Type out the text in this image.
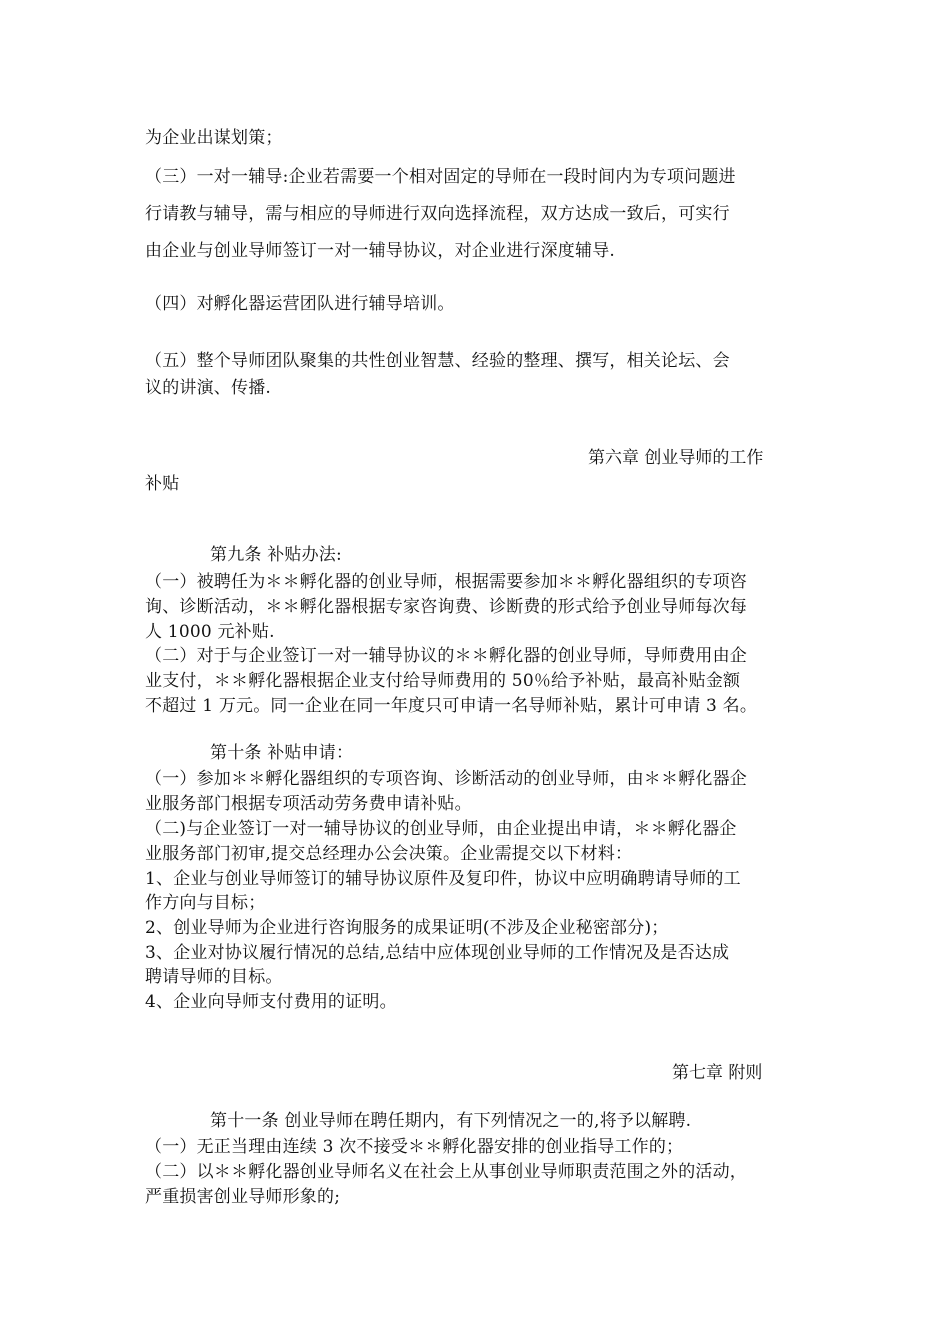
为企业出谋划策；
（三）一对一辅导:企业若需要一个相对固定的导师在一段时间内为专项问题进
行请教与辅导，需与相应的导师进行双向选择流程，双方达成一致后，可实行
由企业与创业导师签订一对一辅导协议，对企业进行深度辅导.
（四）对孵化器运营团队进行辅导培训。
（五）整个导师团队聚集的共性创业智慧、经验的整理、撰写，相关论坛、会
议的讲演、传播.
第六章 创业导师的工作
补贴
第九条 补贴办法:
（一）被聘任为＊＊孵化器的创业导师，根据需要参加＊＊孵化器组织的专项咨
询、诊断活动，＊＊孵化器根据专家咨询费、诊断费的形式给予创业导师每次每
人 1000 元补贴.
（二）对于与企业签订一对一辅导协议的＊＊孵化器的创业导师，导师费用由企
业支付，＊＊孵化器根据企业支付给导师费用的 50％给予补贴，最高补贴金额
不超过 1 万元。同一企业在同一年度只可申请一名导师补贴，累计可申请 3 名。
第十条 补贴申请：
（一）参加＊＊孵化器组织的专项咨询、诊断活动的创业导师，由＊＊孵化器企
业服务部门根据专项活动劳务费申请补贴。
（二)与企业签订一对一辅导协议的创业导师，由企业提出申请，＊＊孵化器企
业服务部门初审,提交总经理办公会决策。企业需提交以下材料：
1、企业与创业导师签订的辅导协议原件及复印件，协议中应明确聘请导师的工
作方向与目标；
2、创业导师为企业进行咨询服务的成果证明(不涉及企业秘密部分)；
3、企业对协议履行情况的总结,总结中应体现创业导师的工作情况及是否达成
聘请导师的目标。
4、企业向导师支付费用的证明。
第七章 附则
第十一条 创业导师在聘任期内，有下列情况之一的,将予以解聘.
（一）无正当理由连续 3 次不接受＊＊孵化器安排的创业指导工作的；
（二）以＊＊孵化器创业导师名义在社会上从事创业导师职责范围之外的活动，
严重损害创业导师形象的;
